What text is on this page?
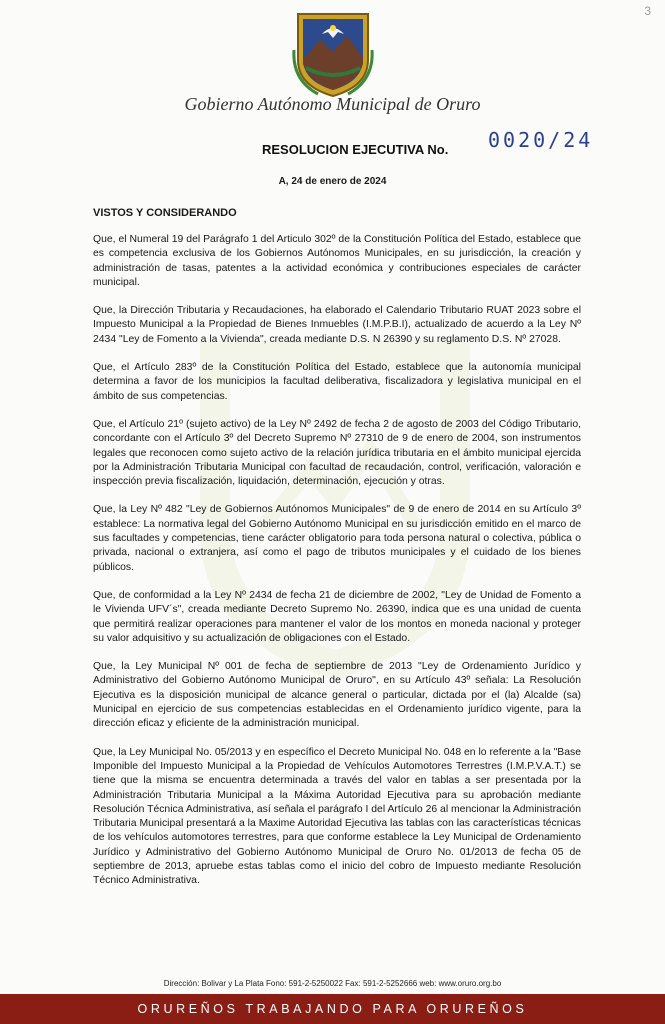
3
Gobierno Autónomo Municipal de Oruro
RESOLUCION EJECUTIVA No. 0020/24
A, 24 de enero de 2024
VISTOS Y CONSIDERANDO

Que, el Numeral 19 del Parágrafo 1 del Articulo 302º de la Constitución Política del Estado, establece que es competencia exclusiva de los Gobiernos Autónomos Municipales, en su jurisdicción, la creación y administración de tasas, patentes a la actividad económica y contribuciones especiales de carácter municipal.

Que, la Dirección Tributaria y Recaudaciones, ha elaborado el Calendario Tributario RUAT 2023 sobre el Impuesto Municipal a la Propiedad de Bienes Inmuebles (I.M.P.B.I), actualizado de acuerdo a la Ley Nº 2434 "Ley de Fomento a la Vivienda", creada mediante D.S. N 26390 y su reglamento D.S. Nº 27028.

Que, el Artículo 283º de la Constitución Política del Estado, establece que la autonomía municipal determina a favor de los municipios la facultad deliberativa, fiscalizadora y legislativa municipal en el ámbito de sus competencias.

Que, el Artículo 21º (sujeto activo) de la Ley Nº 2492 de fecha 2 de agosto de 2003 del Código Tributario, concordante con el Artículo 3º del Decreto Supremo Nº 27310 de 9 de enero de 2004, son instrumentos legales que reconocen como sujeto activo de la relación jurídica tributaria en el ámbito municipal ejercida por la Administración Tributaria Municipal con facultad de recaudación, control, verificación, valoración e inspección previa fiscalización, liquidación, determinación, ejecución y otras.

Que, la Ley Nº 482 "Ley de Gobiernos Autónomos Municipales" de 9 de enero de 2014 en su Artículo 3º establece: La normativa legal del Gobierno Autónomo Municipal en su jurisdicción emitido en el marco de sus facultades y competencias, tiene carácter obligatorio para toda persona natural o colectiva, pública o privada, nacional o extranjera, así como el pago de tributos municipales y el cuidado de los bienes públicos.

Que, de conformidad a la Ley Nº 2434 de fecha 21 de diciembre de 2002, "Ley de Unidad de Fomento a le Vivienda UFV´s", creada mediante Decreto Supremo No. 26390, indica que es una unidad de cuenta que permitirá realizar operaciones para mantener el valor de los montos en moneda nacional y proteger su valor adquisitivo y su actualización de obligaciones con el Estado.

Que, la Ley Municipal Nº 001 de fecha de septiembre de 2013 "Ley de Ordenamiento Jurídico y Administrativo del Gobierno Autónomo Municipal de Oruro", en su Artículo 43º señala: La Resolución Ejecutiva es la disposición municipal de alcance general o particular, dictada por el (la) Alcalde (sa) Municipal en ejercicio de sus competencias establecidas en el Ordenamiento jurídico vigente, para la dirección eficaz y eficiente de la administración municipal.

Que, la Ley Municipal No. 05/2013 y en específico el Decreto Municipal No. 048 en lo referente a la "Base Imponible del Impuesto Municipal a la Propiedad de Vehículos Automotores Terrestres (I.M.P.V.A.T.) se tiene que la misma se encuentra determinada a través del valor en tablas a ser presentada por la Administración Tributaria Municipal a la Máxima Autoridad Ejecutiva para su aprobación mediante Resolución Técnica Administrativa, así señala el parágrafo I del Artículo 26 al mencionar la Administración Tributaria Municipal presentará a la Maxime Autoridad Ejecutiva las tablas con las características técnicas de los vehículos automotores terrestres, para que conforme establece la Ley Municipal de Ordenamiento Jurídico y Administrativo del Gobierno Autónomo Municipal de Oruro No. 01/2013 de fecha 05 de septiembre de 2013, apruebe estas tablas como el inicio del cobro de Impuesto mediante Resolución Técnico Administrativa.

Dirección: Bolivar y La Plata Fono: 591-2-5250022 Fax: 591-2-5252666 web: www.oruro.org.bo
ORUREÑOS TRABAJANDO PARA ORUREÑOS
